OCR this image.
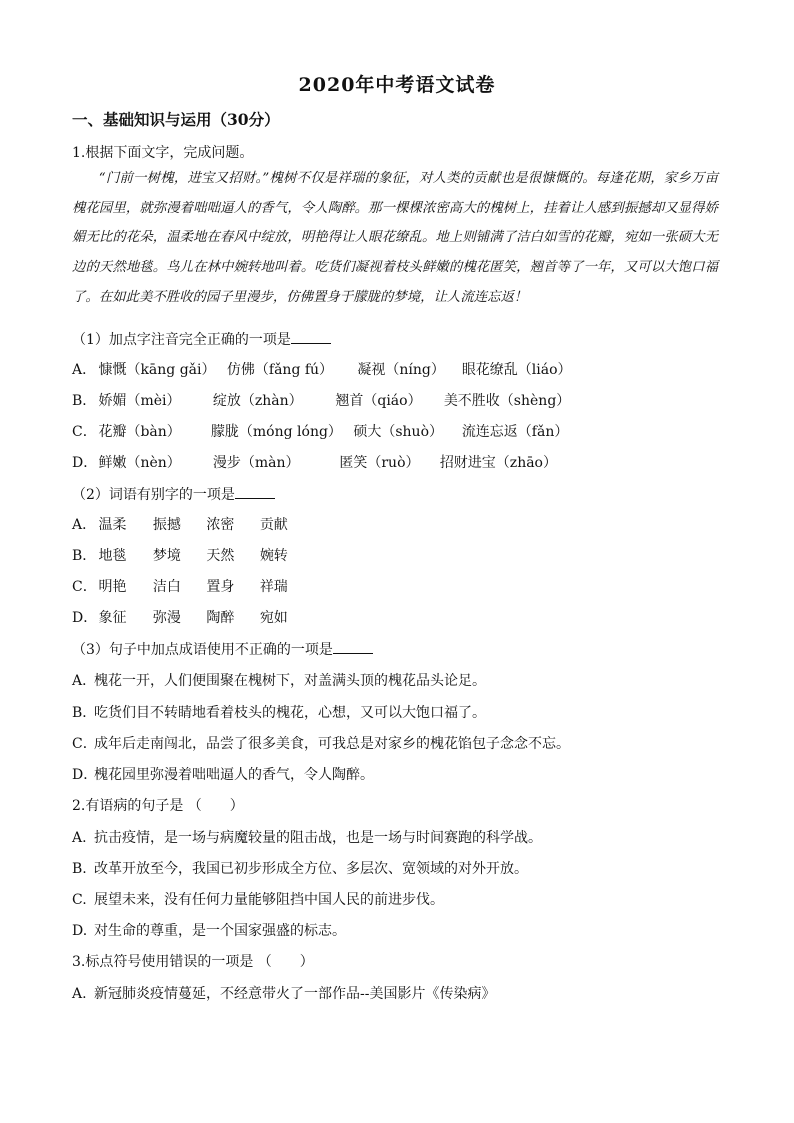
2020年中考语文试卷
一、基础知识与运用（30分）
1.根据下面文字，完成问题。

“门前一树槐，进宝又招财。”槐树不仅是祥瑞的象征，对人类的贡献也是很慷慨的。每逢花期，家乡万亩槐花园里，就弥漫着咄咄逼人的香气，令人陶醉。那一棵棵浓密高大的槐树上，挂着让人感到振撼却又显得娇媚无比的花朵，温柔地在春风中绽放，明艳得让人眼花缭乱。地上则铺满了洁白如雪的花瓣，宛如一张硕大无边的天然地毯。鸟儿在林中婉转地叫着。吃货们凝视着枝头鲜嫩的槐花匿笑，翘首等了一年，又可以大饱口福了。在如此美不胜收的园子里漫步，仿佛置身于朦胧的梦境，让人流连忘返！

（1）加点字注音完全正确的一项是
A． 慷慨（kāng gǎi） 仿佛（fǎng fú） 凝视（níng） 眼花缭乱（liáo）
B． 娇媚（mèi） 绽放（zhàn） 翘首（qiáo） 美不胜收（shèng）
C． 花瓣（bàn） 朦胧（móng lóng） 硕大（shuò） 流连忘返（fǎn）
D． 鲜嫩（nèn） 漫步（màn）	匿笑（ruò） 招财进宝（zhāo）
（2）词语有别字的一项是
A． 温柔 振撼 浓密 贡献
B． 地毯 梦境 天然 婉转
C． 明艳 洁白 置身 祥瑞
D． 象征 弥漫 陶醉 宛如
（3）句子中加点成语使用不正确的一项是
A．槐花一开，人们便围聚在槐树下，对盖满头顶的槐花品头论足。
B．吃货们目不转睛地看着枝头的槐花，心想，又可以大饱口福了。
C．成年后走南闯北，品尝了很多美食，可我总是对家乡的槐花馅包子念念不忘。
D．槐花园里弥漫着咄咄逼人的香气，令人陶醉。
2.有语病的句子是 （　　）
A. 抗击疫情，是一场与病魔较量的阻击战，也是一场与时间赛跑的科学战。
B. 改革开放至今，我国已初步形成全方位、多层次、宽领域的对外开放。
C. 展望未来，没有任何力量能够阻挡中国人民的前进步伐。
D. 对生命的尊重，是一个国家强盛的标志。
3.标点符号使用错误的一项是 （　　）
A. 新冠肺炎疫情蔓延，不经意带火了一部作品--美国影片《传染病》
